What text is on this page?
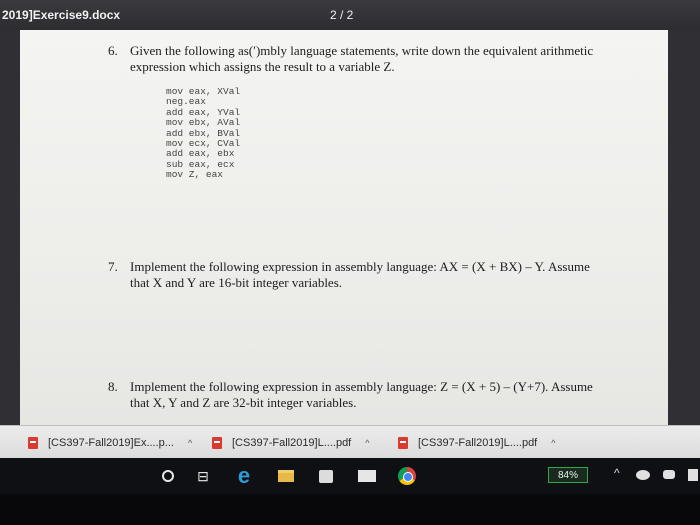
2019]Exercise9.docx	2 / 2
6. Given the following as(ʹ)mbly language statements, write down the equivalent arithmetic
expression which assigns the result to a variable Z.
mov eax, XVal
neg.eax
add eax, YVal
mov ebx, AVal
add ebx, BVal
mov ecx, CVal
add eax, ebx
sub eax, ecx
mov Z, eax
7. Implement the following expression in assembly language: AX = (X + BX) – Y. Assume
that X and Y are 16-bit integer variables.
8. Implement the following expression in assembly language: Z = (X + 5) – (Y+7). Assume
that X, Y and Z are 32-bit integer variables.
[CS397-Fall2019]Ex....p... ^	[CS397-Fall2019]L....pdf ^	[CS397-Fall2019]L....pdf ^
⊟ e	84%	^
